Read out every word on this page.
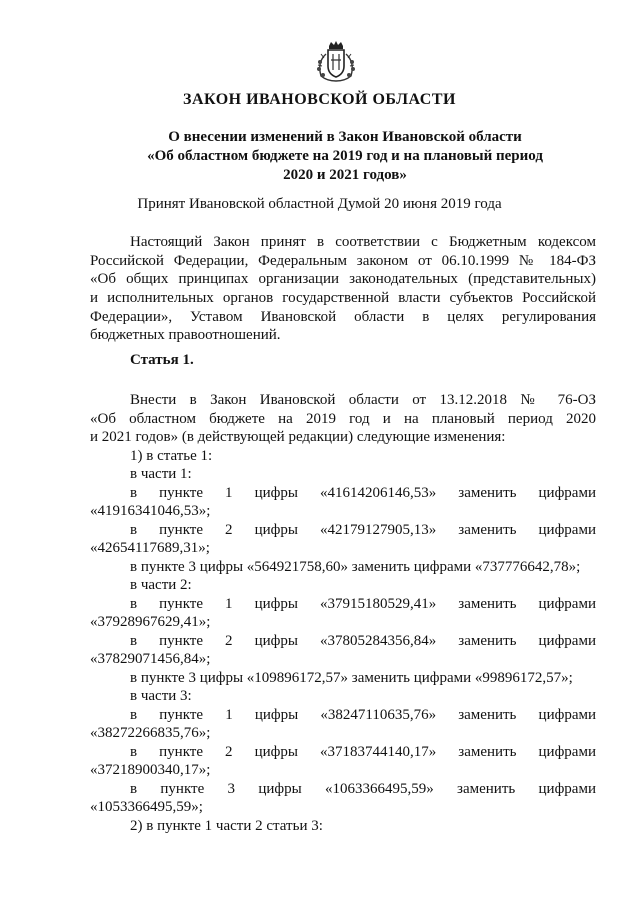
ЗАКОН ИВАНОВСКОЙ ОБЛАСТИ
О внесении изменений в Закон Ивановской области
«Об областном бюджете на 2019 год и на плановый период
2020 и 2021 годов»
Принят Ивановской областной Думой 20 июня 2019 года
Настоящий Закон принят в соответствии с Бюджетным кодексом
Российской Федерации, Федеральным законом от 06.10.1999 № 184-ФЗ
«Об общих принципах организации законодательных (представительных)
и исполнительных органов государственной власти субъектов Российской
Федерации», Уставом Ивановской области в целях регулирования
бюджетных правоотношений.
Статья 1.
Внести в Закон Ивановской области от 13.12.2018 № 76-ОЗ
«Об областном бюджете на 2019 год и на плановый период 2020
и 2021 годов» (в действующей редакции) следующие изменения:
1) в статье 1:
в части 1:
в пункте 1 цифры «41614206146,53» заменить цифрами
«41916341046,53»;
в пункте 2 цифры «42179127905,13» заменить цифрами
«42654117689,31»;
в пункте 3 цифры «564921758,60» заменить цифрами «737776642,78»;
в части 2:
в пункте 1 цифры «37915180529,41» заменить цифрами
«37928967629,41»;
в пункте 2 цифры «37805284356,84» заменить цифрами
«37829071456,84»;
в пункте 3 цифры «109896172,57» заменить цифрами «99896172,57»;
в части 3:
в пункте 1 цифры «38247110635,76» заменить цифрами
«38272266835,76»;
в пункте 2 цифры «37183744140,17» заменить цифрами
«37218900340,17»;
в пункте 3 цифры «1063366495,59» заменить цифрами
«1053366495,59»;
2) в пункте 1 части 2 статьи 3:
